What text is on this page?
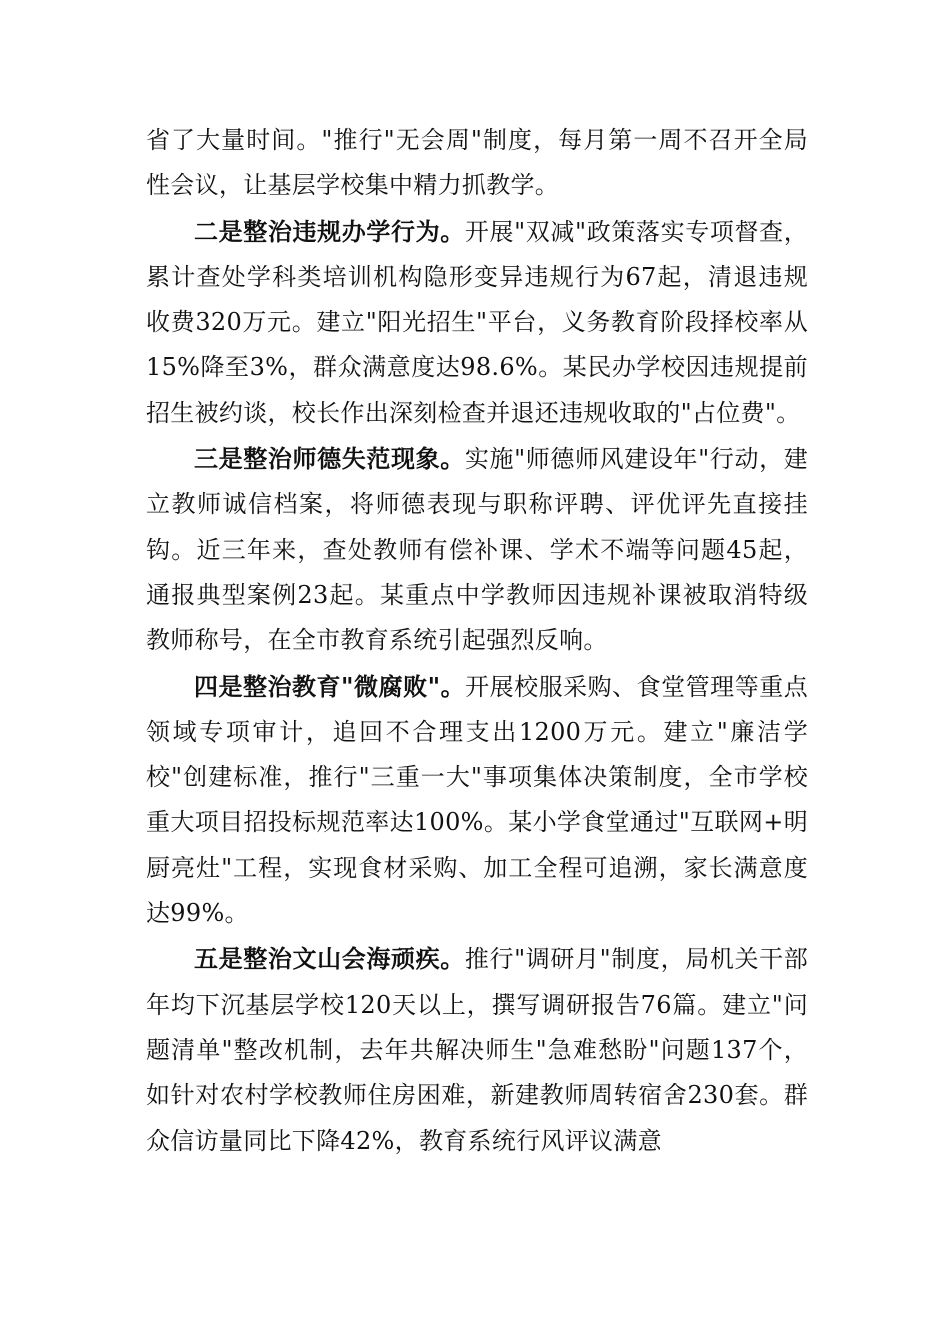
省了大量时间。"推行"无会周"制度，每月第一周不召开全局性会议，让基层学校集中精力抓教学。

二是整治违规办学行为。开展"双减"政策落实专项督查，累计查处学科类培训机构隐形变异违规行为67起，清退违规收费320万元。建立"阳光招生"平台，义务教育阶段择校率从15%降至3%，群众满意度达98.6%。某民办学校因违规提前招生被约谈，校长作出深刻检查并退还违规收取的"占位费"。

三是整治师德失范现象。实施"师德师风建设年"行动，建立教师诚信档案，将师德表现与职称评聘、评优评先直接挂钩。近三年来，查处教师有偿补课、学术不端等问题45起，通报典型案例23起。某重点中学教师因违规补课被取消特级教师称号，在全市教育系统引起强烈反响。

四是整治教育"微腐败"。开展校服采购、食堂管理等重点领域专项审计，追回不合理支出1200万元。建立"廉洁学校"创建标准，推行"三重一大"事项集体决策制度，全市学校重大项目招投标规范率达100%。某小学食堂通过"互联网+明厨亮灶"工程，实现食材采购、加工全程可追溯，家长满意度达99%。

五是整治文山会海顽疾。推行"调研月"制度，局机关干部年均下沉基层学校120天以上，撰写调研报告76篇。建立"问题清单"整改机制，去年共解决师生"急难愁盼"问题137个，如针对农村学校教师住房困难，新建教师周转宿舍230套。群众信访量同比下降42%，教育系统行风评议满意
